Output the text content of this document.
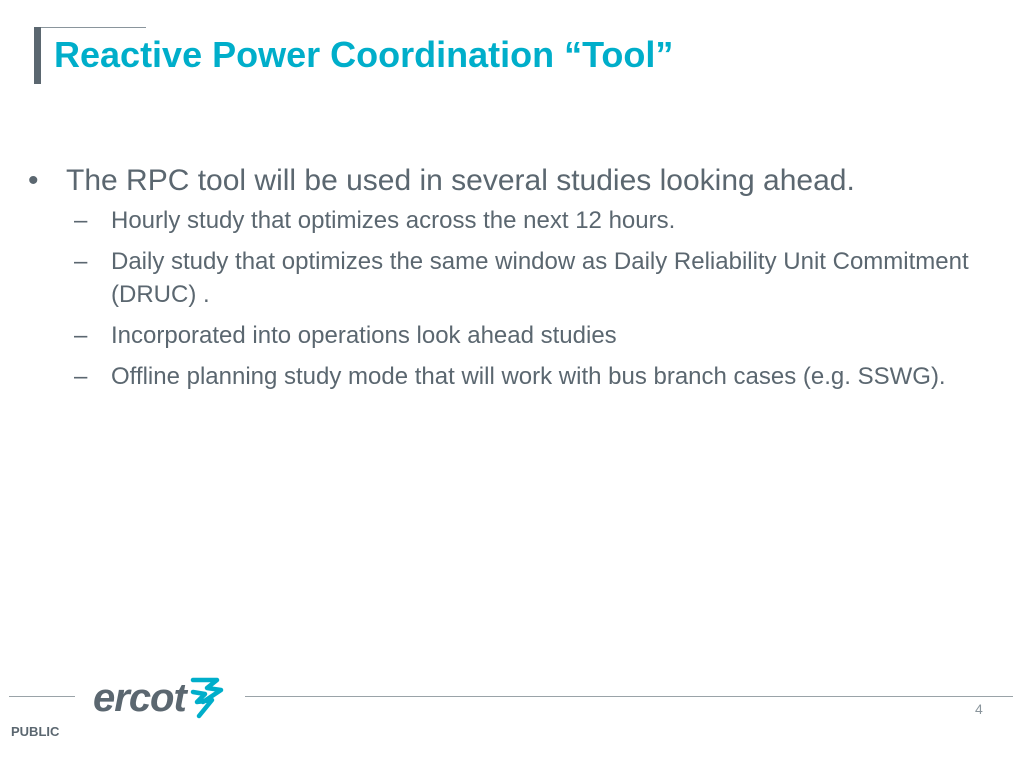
Reactive Power Coordination “Tool”
• The RPC tool will be used in several studies looking ahead.
– Hourly study that optimizes across the next 12 hours.
– Daily study that optimizes the same window as Daily Reliability Unit Commitment (DRUC) .
– Incorporated into operations look ahead studies
– Offline planning study mode that will work with bus branch cases (e.g. SSWG).
ercot	4
PUBLIC
